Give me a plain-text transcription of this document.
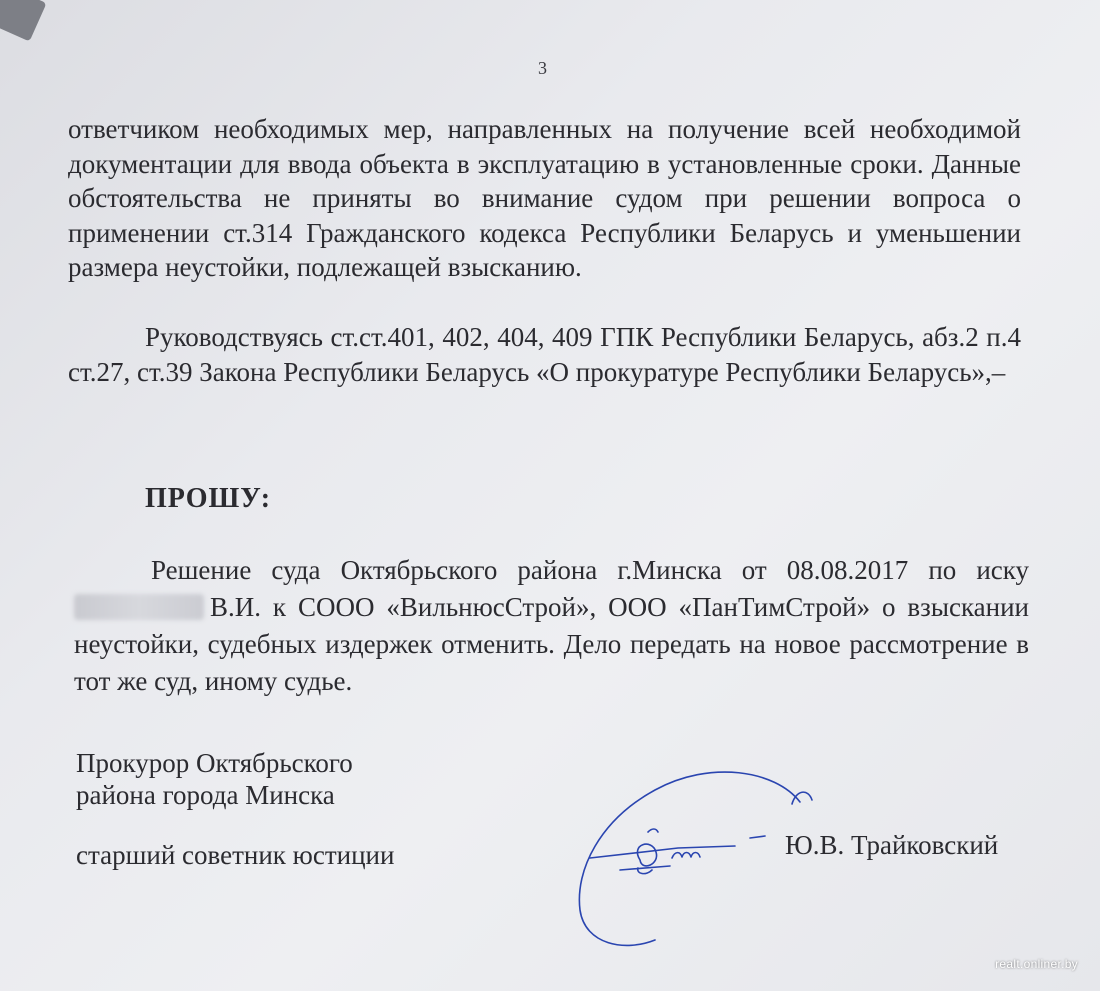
3

ответчиком необходимых мер, направленных на получение всей необходимой документации для ввода объекта в эксплуатацию в установленные сроки. Данные обстоятельства не приняты во внимание судом при решении вопроса о применении ст.314 Гражданского кодекса Республики Беларусь и уменьшении размера неустойки, подлежащей взысканию.

Руководствуясь ст.ст.401, 402, 404, 409 ГПК Республики Беларусь, абз.2 п.4 ст.27, ст.39 Закона Республики Беларусь «О прокуратуре Республики Беларусь»,–

ПРОШУ:

Решение суда Октябрьского района г.Минска от 08.08.2017 по иску В.И. к СООО «ВильнюсСтрой», ООО «ПанТимСтрой» о взыскании неустойки, судебных издержек отменить. Дело передать на новое рассмотрение в тот же суд, иному судье.

Прокурор Октябрьского
района города Минска
старший советник юстиции	Ю.В. Трайковский
realt.onliner.by
